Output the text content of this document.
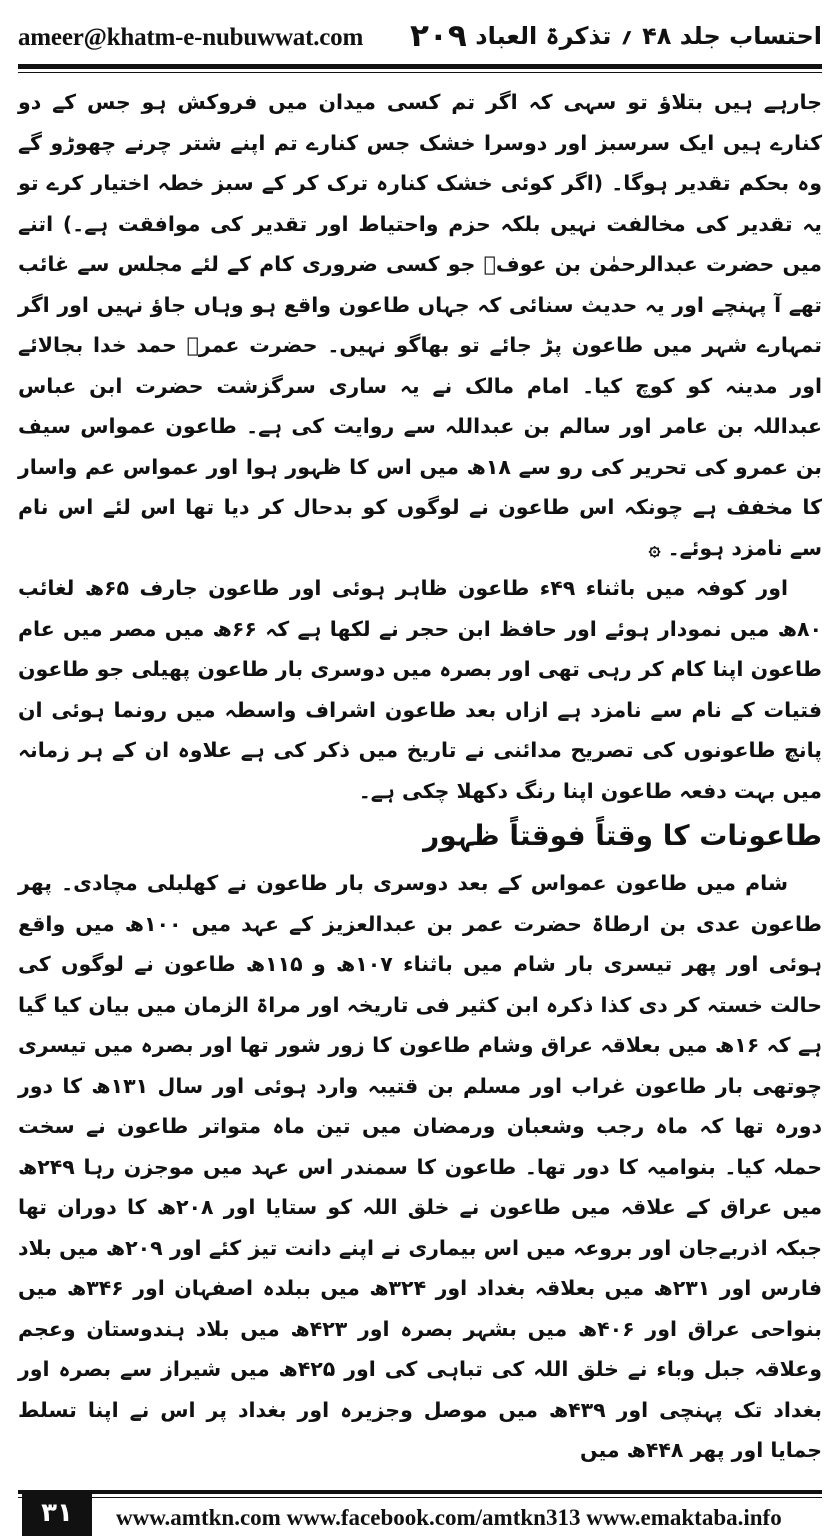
ameer@khatm-e-nubuwwat.com ۲۰۹ احتساب جلد ۴۸ ؍ تذکرۃ العباد

جارہے ہیں بتلاؤ تو سہی کہ اگر تم کسی میدان میں فروکش ہو جس کے دو کنارے ہیں ایک سرسبز اور دوسرا خشک جس کنارے تم اپنے شتر چرنے چھوڑو گے وہ بحکم تقدیر ہوگا۔ (اگر کوئی خشک کنارہ ترک کر کے سبز خطہ اختیار کرے تو یہ تقدیر کی مخالفت نہیں بلکہ حزم واحتیاط اور تقدیر کی موافقت ہے۔) اتنے میں حضرت عبدالرحمٰن بن عوفؓ جو کسی ضروری کام کے لئے مجلس سے غائب تھے آ پہنچے اور یہ حدیث سنائی کہ جہاں طاعون واقع ہو وہاں جاؤ نہیں اور اگر تمہارے شہر میں طاعون پڑ جائے تو بھاگو نہیں۔ حضرت عمرؓ حمد خدا بجالائے اور مدینہ کو کوچ کیا۔ امام مالک نے یہ ساری سرگزشت حضرت ابن عباس عبداللہ بن عامر اور سالم بن عبداللہ سے روایت کی ہے۔ طاعون عمواس سیف بن عمرو کی تحریر کی رو سے ۱۸ھ میں اس کا ظہور ہوا اور عمواس عم واسار کا مخفف ہے چونکہ اس طاعون نے لوگوں کو بدحال کر دیا تھا اس لئے اس نام سے نامزد ہوئے۔ ۞

اور کوفہ میں باثناء ۴۹ء طاعون ظاہر ہوئی اور طاعون جارف ۶۵ھ لغائب ۸۰ھ میں نمودار ہوئے اور حافظ ابن حجر نے لکھا ہے کہ ۶۶ھ میں مصر میں عام طاعون اپنا کام کر رہی تھی اور بصرہ میں دوسری بار طاعون پھیلی جو طاعون فتیات کے نام سے نامزد ہے ازاں بعد طاعون اشراف واسطہ میں رونما ہوئی ان پانچ طاعونوں کی تصریح مدائنی نے تاریخ میں ذکر کی ہے علاوہ ان کے ہر زمانہ میں بہت دفعہ طاعون اپنا رنگ دکھلا چکی ہے۔

طاعونات کا وقتاً فوقتاً ظہور

شام میں طاعون عمواس کے بعد دوسری بار طاعون نے کھلبلی مچادی۔ پھر طاعون عدی بن ارطاۃ حضرت عمر بن عبدالعزیز کے عہد میں ۱۰۰ھ میں واقع ہوئی اور پھر تیسری بار شام میں باثناء ۱۰۷ھ و ۱۱۵ھ طاعون نے لوگوں کی حالت خستہ کر دی کذا ذکرہ ابن کثیر فی تاریخہ اور مراۃ الزمان میں بیان کیا گیا ہے کہ ۱۶ھ میں بعلاقہ عراق وشام طاعون کا زور شور تھا اور بصرہ میں تیسری چوتھی بار طاعون غراب اور مسلم بن قتیبہ وارد ہوئی اور سال ۱۳۱ھ کا دور دورہ تھا کہ ماہ رجب وشعبان ورمضان میں تین ماہ متواتر طاعون نے سخت حملہ کیا۔ بنوامیہ کا دور تھا۔ طاعون کا سمندر اس عہد میں موجزن رہا ۲۴۹ھ میں عراق کے علاقہ میں طاعون نے خلق اللہ کو ستایا اور ۲۰۸ھ کا دوران تھا جبکہ اذربےجان اور بروعہ میں اس بیماری نے اپنے دانت تیز کئے اور ۲۰۹ھ میں بلاد فارس اور ۲۳۱ھ میں بعلاقہ بغداد اور ۳۲۴ھ میں ببلدہ اصفہان اور ۳۴۶ھ میں بنواحی عراق اور ۴۰۶ھ میں بشہر بصرہ اور ۴۲۳ھ میں بلاد ہندوستان وعجم وعلاقہ جبل وباء نے خلق اللہ کی تباہی کی اور ۴۲۵ھ میں شیراز سے بصرہ اور بغداد تک پہنچی اور ۴۳۹ھ میں موصل وجزیرہ اور بغداد پر اس نے اپنا تسلط جمایا اور پھر ۴۴۸ھ میں

۳۱	www.amtkn.com www.facebook.com/amtkn313 www.emaktaba.info
